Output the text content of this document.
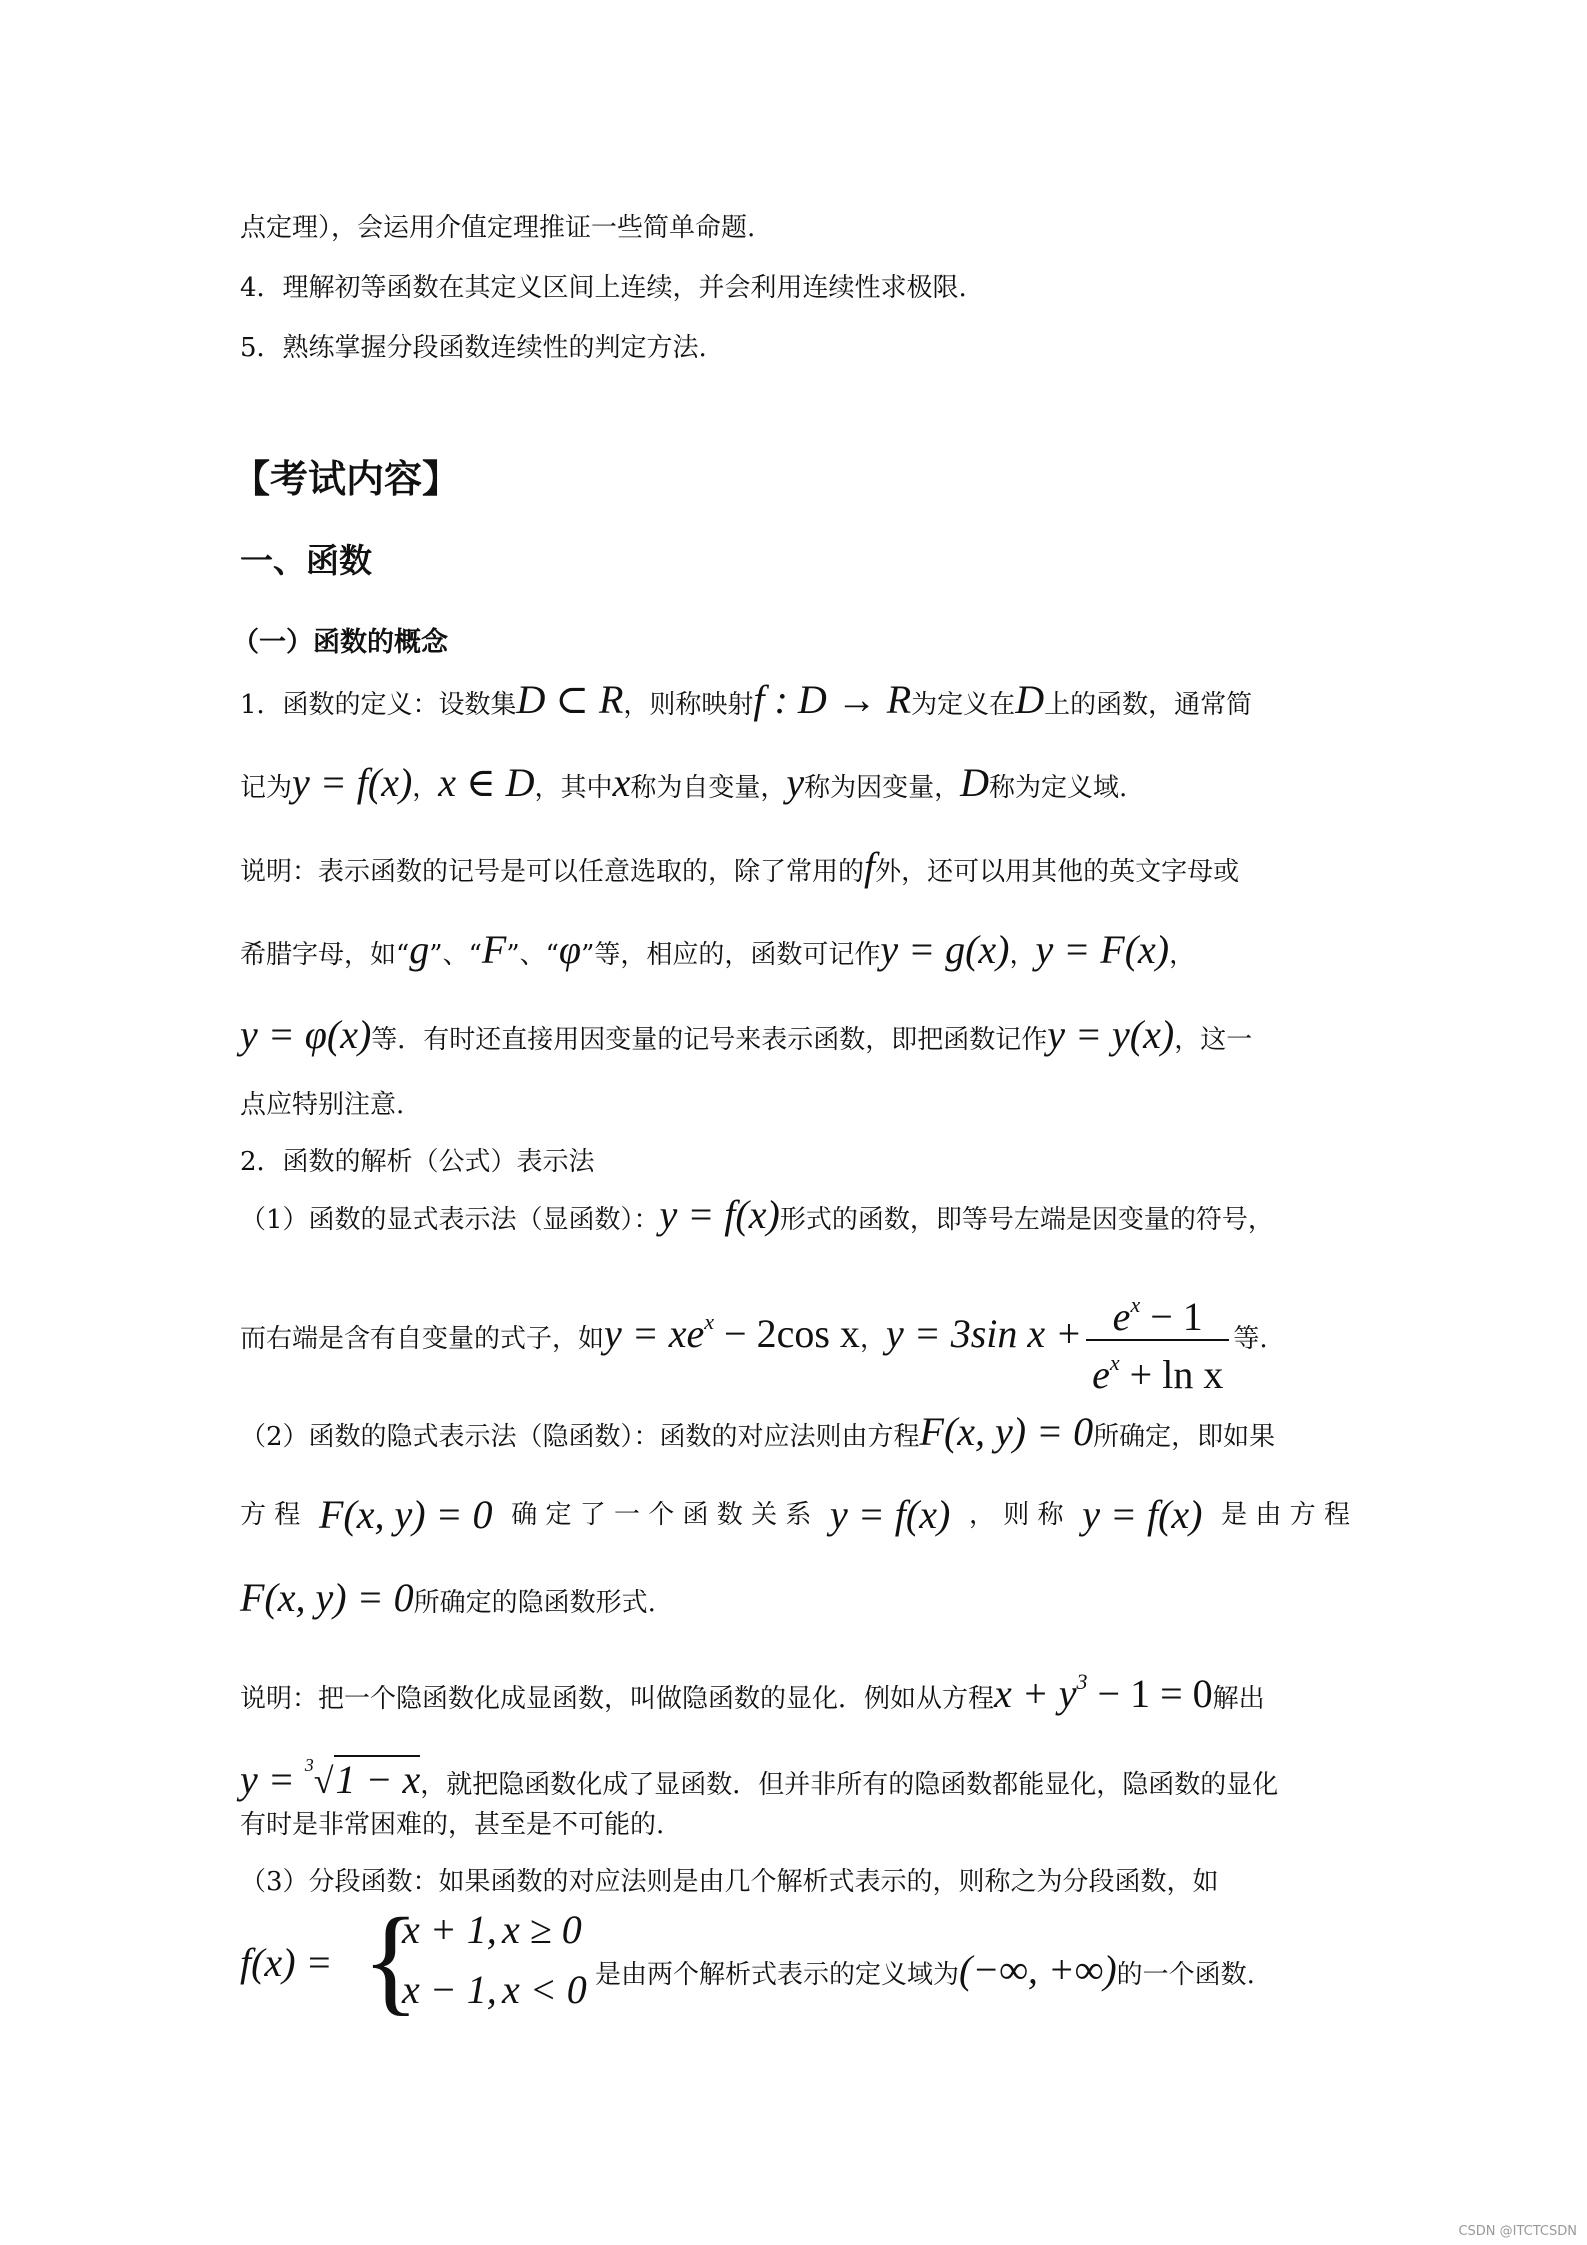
点定理），会运用介值定理推证一些简单命题.
4．理解初等函数在其定义区间上连续，并会利用连续性求极限.
5．熟练掌握分段函数连续性的判定方法.
【考试内容】
一、函数
（一）函数的概念
1．函数的定义：设数集D ⊂ R，则称映射f : D → R为定义在D上的函数，通常简
记为y = f(x)，x ∈ D，其中x称为自变量，y称为因变量，D称为定义域.
说明：表示函数的记号是可以任意选取的，除了常用的f外，还可以用其他的英文字母或
希腊字母，如“g”、“F”、“φ”等，相应的，函数可记作y = g(x)，y = F(x)，
y = φ(x)等．有时还直接用因变量的记号来表示函数，即把函数记作y = y(x)，这一
点应特别注意.
2．函数的解析（公式）表示法
（1）函数的显式表示法（显函数）：y = f(x)形式的函数，即等号左端是因变量的符号，
而右端是含有自变量的式子，如$y = xe^x - 2\cos$ x，y = 3sin $x + \frac{e^x - 1}{e^x + \ln x}$ 等.
（2）函数的隐式表示法（隐函数）：函数的对应法则由方程F(x, y) = 0所确定，即如果
方 程 F(x, y) = 0 确 定 了 一 个 函 数 关 系 y = f(x) ， 则 称 y = f(x) 是 由 方 程
F(x, y) = 0所确定的隐函数形式.
说明：把一个隐函数化成显函数，叫做隐函数的显化．例如从方程$x + y^3 - 1 = 0$解出
y = $^3$√1 − x，就把隐函数化成了显函数．但并非所有的隐函数都能显化，隐函数的显化
有时是非常困难的，甚至是不可能的.
（3）分段函数：如果函数的对应法则是由几个解析式表示的，则称之为分段函数，如
f(x) = {
x + 1, x ≥ 0
x − 1, x < 0 是由两个解析式表示的定义域为(−∞, +∞)的一个函数.
CSDN @ITCTCSDN
